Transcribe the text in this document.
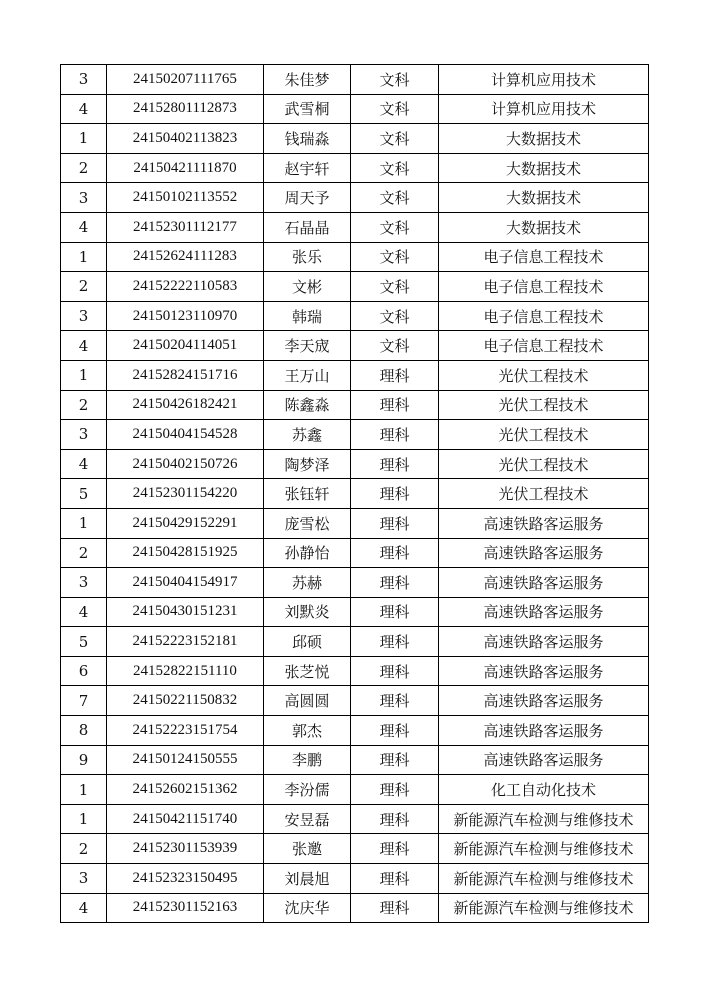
3	24150207111765	朱佳梦	文科	计算机应用技术
4	24152801112873	武雪桐	文科	计算机应用技术
1	24150402113823	钱瑞淼	文科	大数据技术
2	24150421111870	赵宇轩	文科	大数据技术
3	24150102113552	周天予	文科	大数据技术
4	24152301112177	石晶晶	文科	大数据技术
1	24152624111283	张乐	文科	电子信息工程技术
2	24152222110583	文彬	文科	电子信息工程技术
3	24150123110970	韩瑞	文科	电子信息工程技术
4	24150204114051	李天宬	文科	电子信息工程技术
1	24152824151716	王万山	理科	光伏工程技术
2	24150426182421	陈鑫淼	理科	光伏工程技术
3	24150404154528	苏鑫	理科	光伏工程技术
4	24150402150726	陶梦泽	理科	光伏工程技术
5	24152301154220	张钰轩	理科	光伏工程技术
1	24150429152291	庞雪松	理科	高速铁路客运服务
2	24150428151925	孙静怡	理科	高速铁路客运服务
3	24150404154917	苏赫	理科	高速铁路客运服务
4	24150430151231	刘默炎	理科	高速铁路客运服务
5	24152223152181	邱硕	理科	高速铁路客运服务
6	24152822151110	张芝悦	理科	高速铁路客运服务
7	24150221150832	高圆圆	理科	高速铁路客运服务
8	24152223151754	郭杰	理科	高速铁路客运服务
9	24150124150555	李鹏	理科	高速铁路客运服务
1	24152602151362	李汾儒	理科	化工自动化技术
1	24150421151740	安昱磊	理科	新能源汽车检测与维修技术
2	24152301153939	张邀	理科	新能源汽车检测与维修技术
3	24152323150495	刘晨旭	理科	新能源汽车检测与维修技术
4	24152301152163	沈庆华	理科	新能源汽车检测与维修技术
